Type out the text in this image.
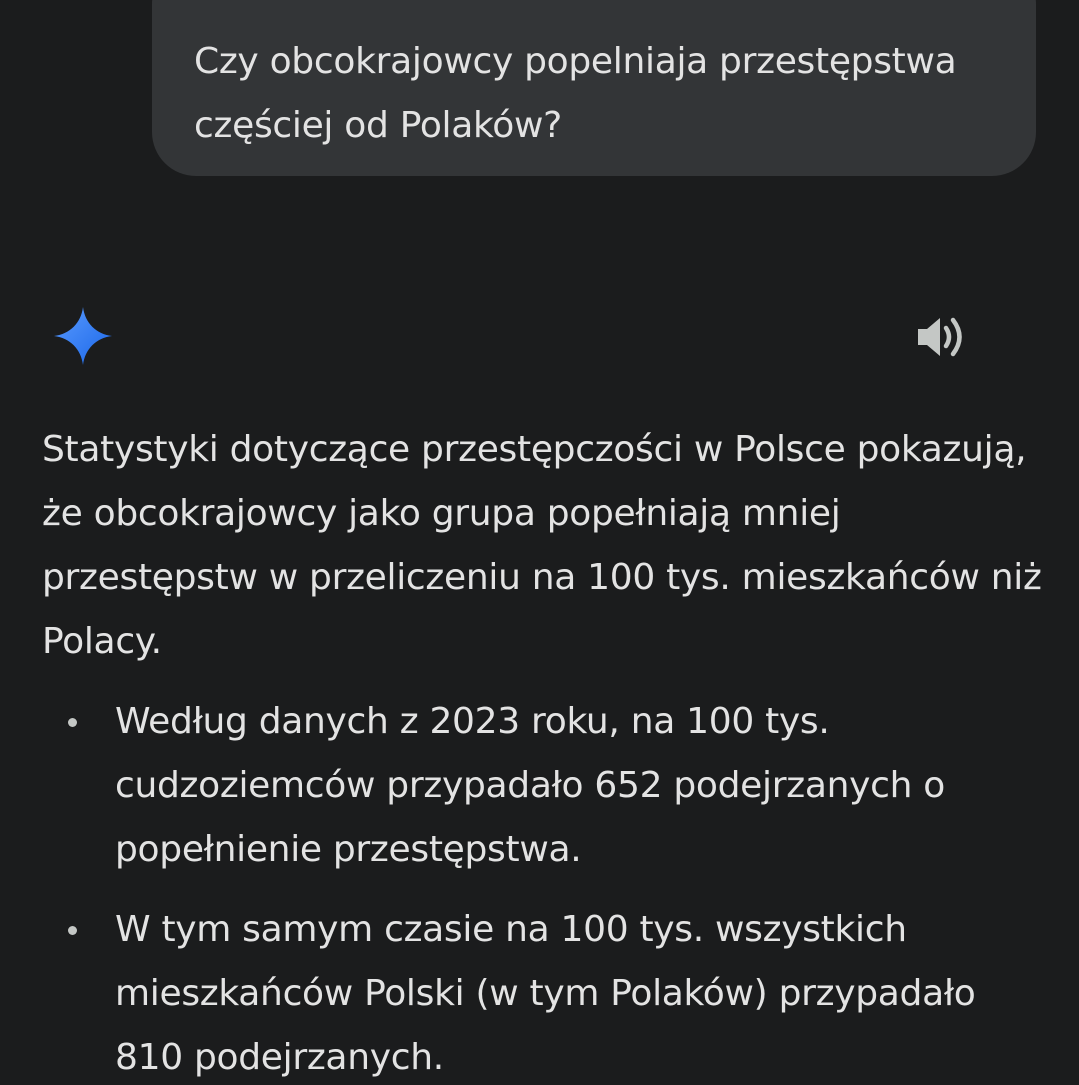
Czy obcokrajowcy popelniaja przestępstwa częściej od Polaków?

Statystyki dotyczące przestępczości w Polsce pokazują, że obcokrajowcy jako grupa popełniają mniej przestępstw w przeliczeniu na 100 tys. mieszkańców niż Polacy.

Według danych z 2023 roku, na 100 tys. cudzoziemców przypadało 652 podejrzanych o popełnienie przestępstwa.
W tym samym czasie na 100 tys. wszystkich mieszkańców Polski (w tym Polaków) przypadało 810 podejrzanych.
